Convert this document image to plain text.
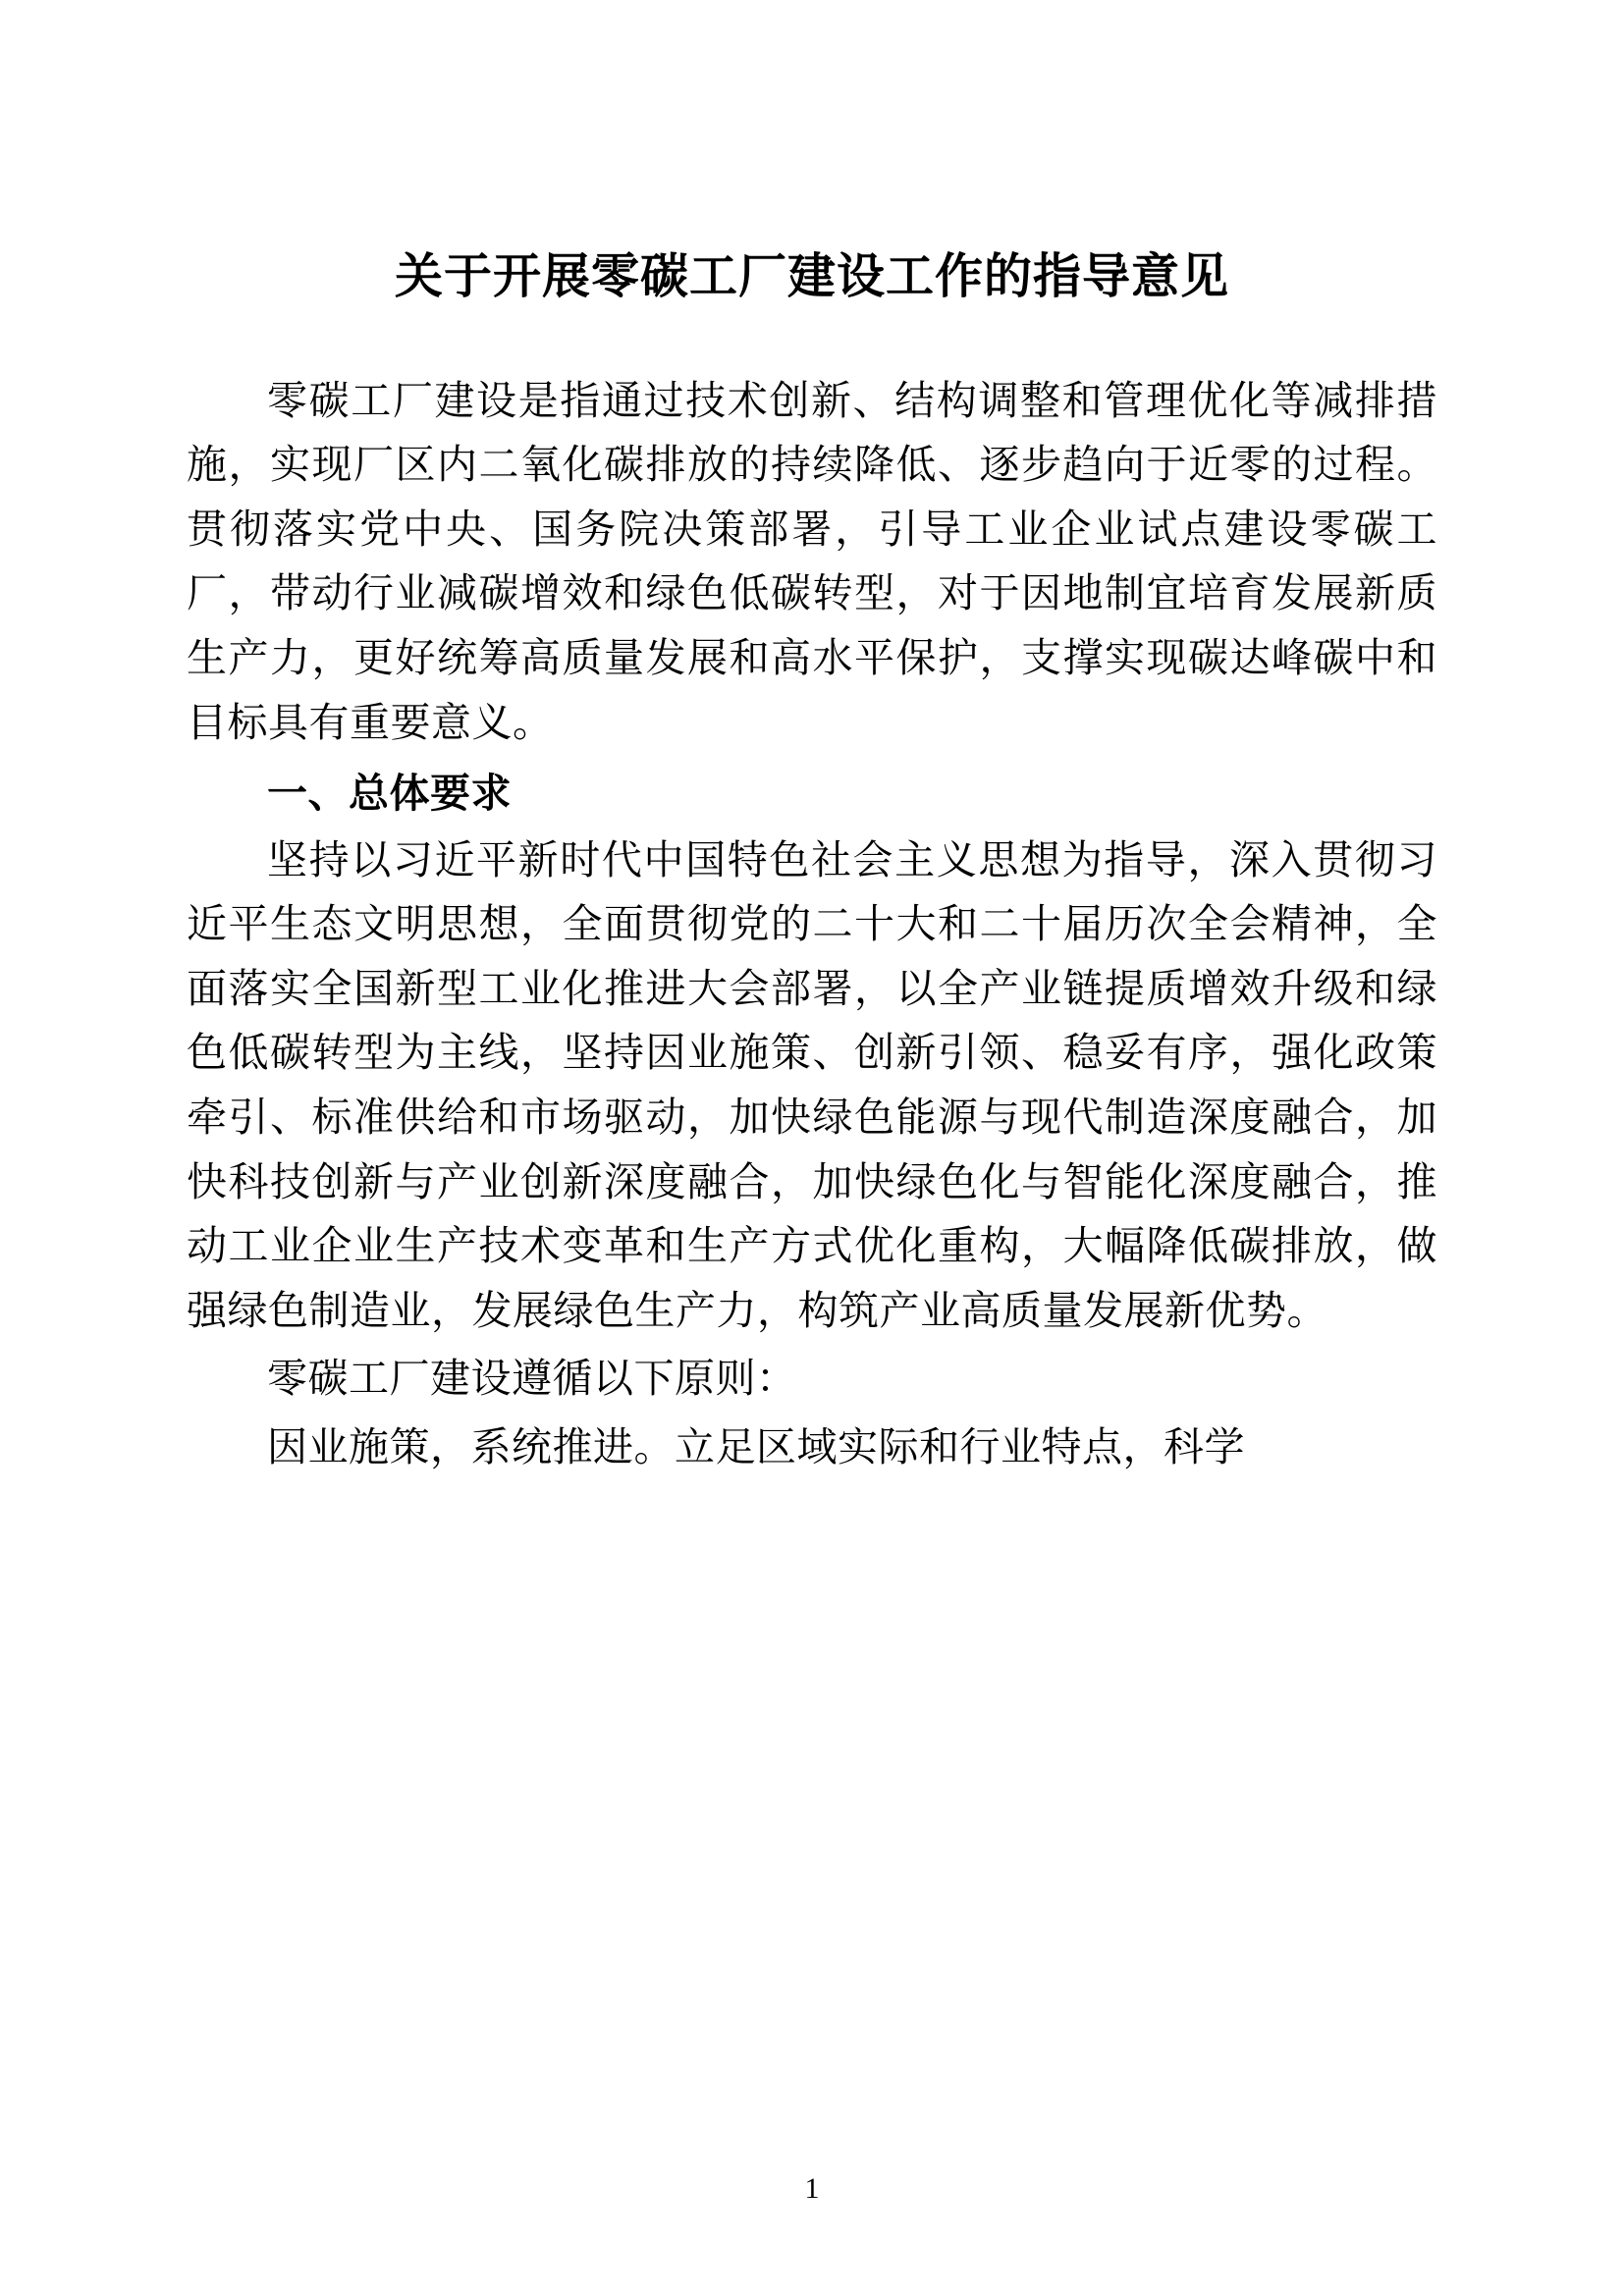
关于开展零碳工厂建设工作的指导意见

零碳工厂建设是指通过技术创新、结构调整和管理优化等减排措施，实现厂区内二氧化碳排放的持续降低、逐步趋向于近零的过程。贯彻落实党中央、国务院决策部署，引导工业企业试点建设零碳工厂，带动行业减碳增效和绿色低碳转型，对于因地制宜培育发展新质生产力，更好统筹高质量发展和高水平保护，支撑实现碳达峰碳中和目标具有重要意义。

一、总体要求

坚持以习近平新时代中国特色社会主义思想为指导，深入贯彻习近平生态文明思想，全面贯彻党的二十大和二十届历次全会精神，全面落实全国新型工业化推进大会部署，以全产业链提质增效升级和绿色低碳转型为主线，坚持因业施策、创新引领、稳妥有序，强化政策牵引、标准供给和市场驱动，加快绿色能源与现代制造深度融合，加快科技创新与产业创新深度融合，加快绿色化与智能化深度融合，推动工业企业生产技术变革和生产方式优化重构，大幅降低碳排放，做强绿色制造业，发展绿色生产力，构筑产业高质量发展新优势。

零碳工厂建设遵循以下原则：

因业施策，系统推进。立足区域实际和行业特点，科学

1
